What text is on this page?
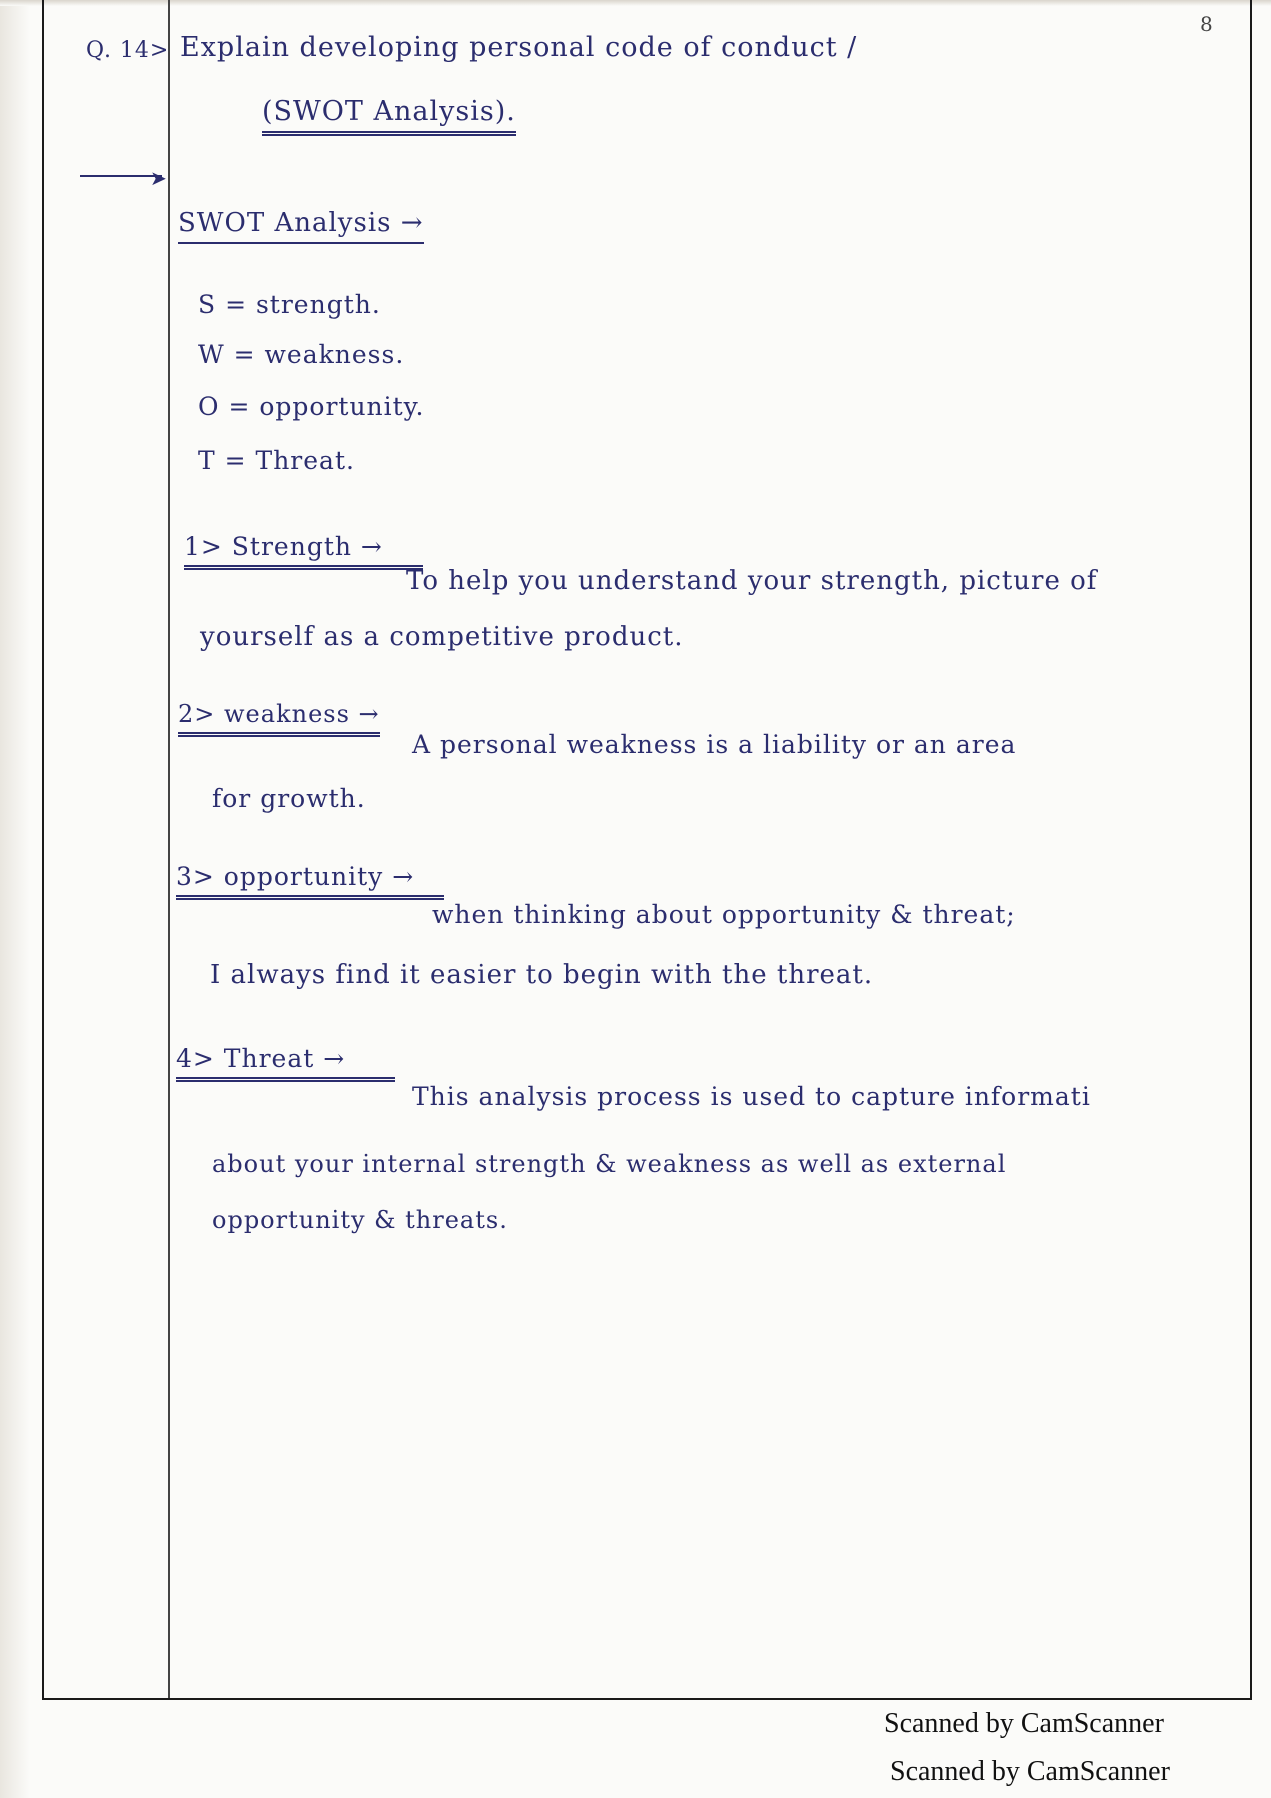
8
Q. 14> Explain developing personal code of conduct /
(SWOT Analysis).
➤
SWOT Analysis →
S = strength.
W = weakness.
O = opportunity.
T = Threat.
1> Strength →
To help you understand your strength, picture of
yourself as a competitive product.
2> weakness →
A personal weakness is a liability or an area
for growth.
3> opportunity →
when thinking about opportunity & threat;
I always find it easier to begin with the threat.
4> Threat →
This analysis process is used to capture informati
about your internal strength & weakness as well as external
opportunity & threats.
Scanned by CamScanner
Scanned by CamScanner
